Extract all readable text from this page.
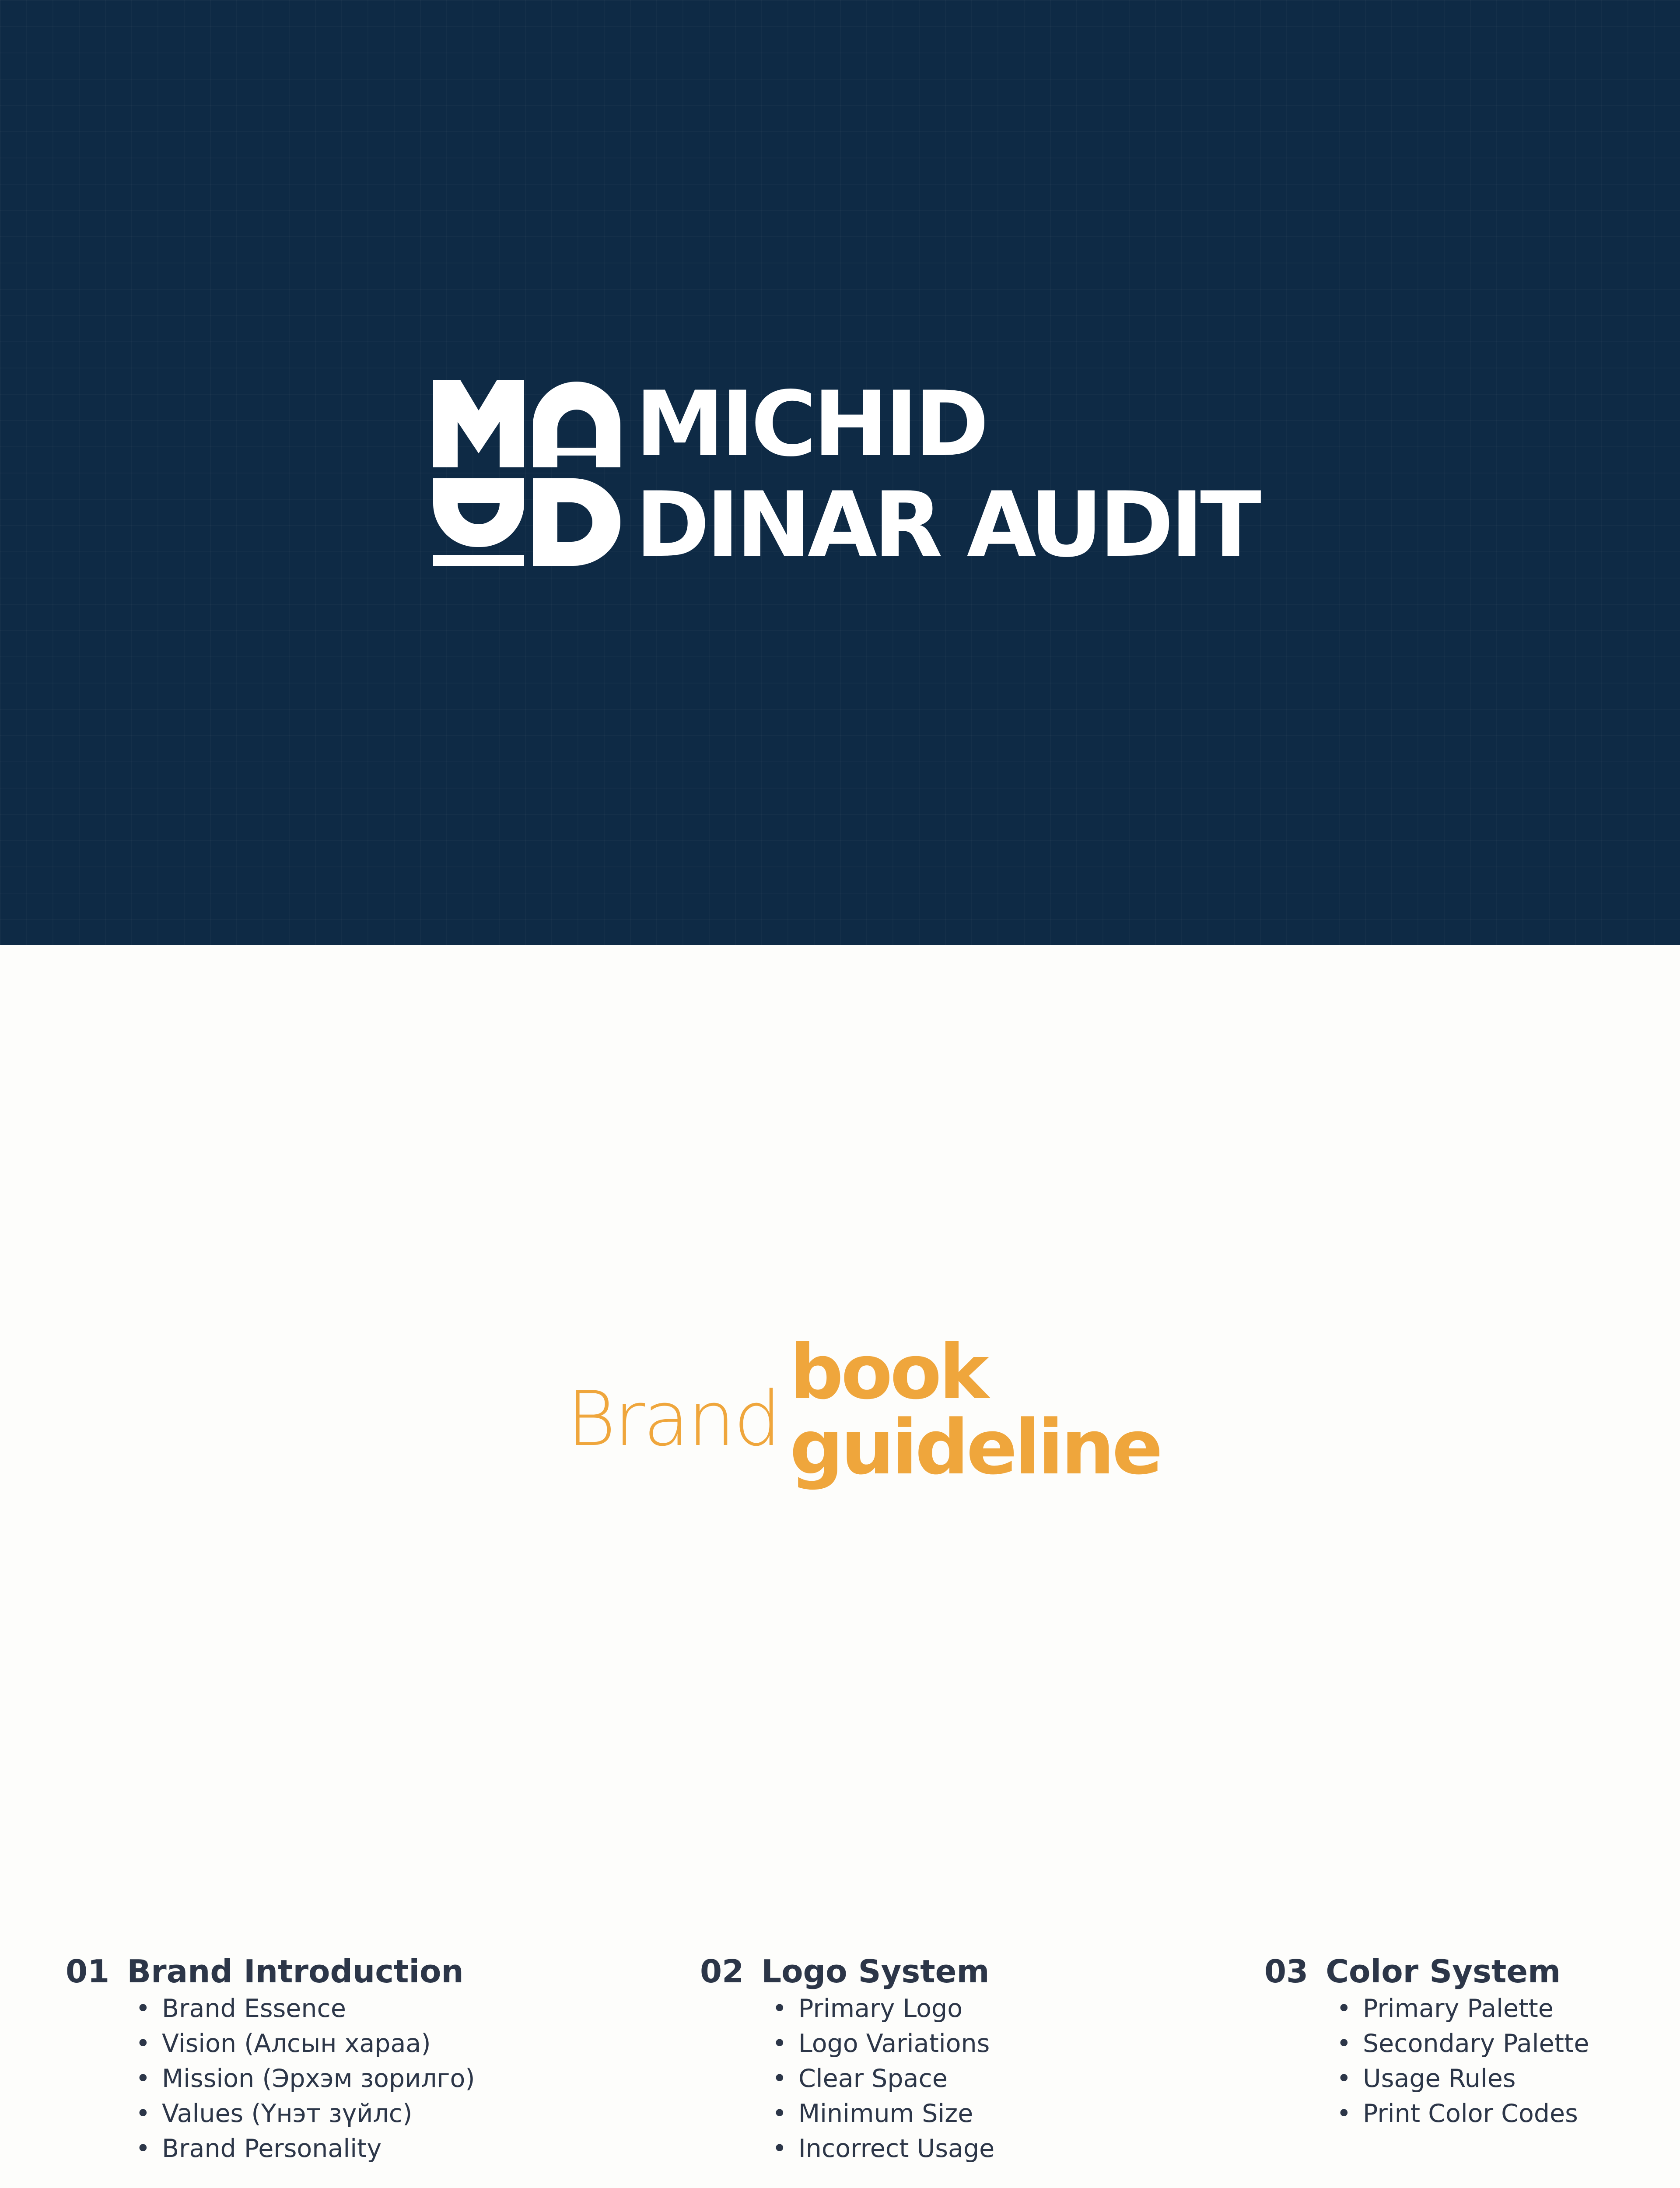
MICHID
DINAR AUDIT
Brand
book
guideline
01 Brand Introduction
• Brand Essence
• Vision (Алсын хараа)
• Mission (Эрхэм зорилго)
• Values (Үнэт зүйлс)
• Brand Personality
02 Logo System
• Primary Logo
• Logo Variations
• Clear Space
• Minimum Size
• Incorrect Usage
03 Color System
• Primary Palette
• Secondary Palette
• Usage Rules
• Print Color Codes
